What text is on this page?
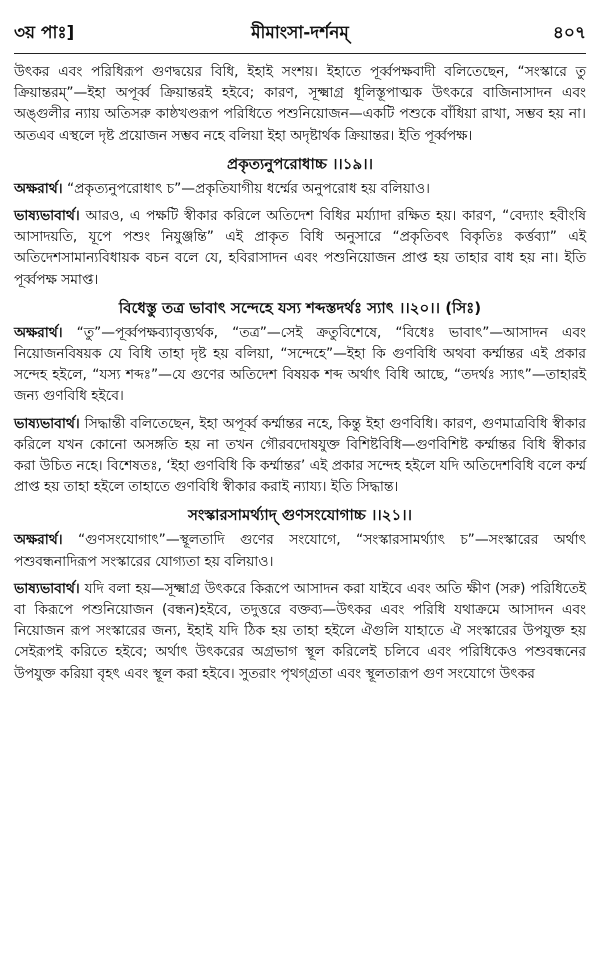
৩য় পাঃ]	মীমাংসা-দর্শনম্	৪০৭

উৎকর এবং পরিধিরূপ গুণদ্বয়ের বিধি, ইহাই সংশয়। ইহাতে পূর্ব্বপক্ষবাদী বলিতেছেন, “সংস্কারে তু ক্রিয়ান্তরম্”—ইহা অপূর্ব্ব ক্রিয়ান্তরই হইবে; কারণ, সূক্ষ্মাগ্র ধূলিস্তূপাত্মক উৎকরে বাজিনাসাদন এবং অঙ্গুলীর ন্যায় অতিসরু কাষ্ঠখণ্ডরূপ পরিধিতে পশুনিয়োজন—একটি পশুকে বাঁধিয়া রাখা, সম্ভব হয় না। অতএব এস্থলে দৃষ্ট প্রয়োজন সম্ভব নহে বলিয়া ইহা অদৃষ্টার্থক ক্রিয়ান্তর। ইতি পূর্ব্বপক্ষ।

প্রকৃত্যনুপরোধাচ্চ ।।১৯।।

অক্ষরার্থ। “প্রকৃত্যনুপরোধাৎ চ”—প্রকৃতিযাগীয় ধর্ম্মের অনুপরোধ হয় বলিয়াও।

ভাষ্যভাবার্থ। আরও, এ পক্ষটি স্বীকার করিলে অতিদেশ বিধির মর্য্যাদা রক্ষিত হয়। কারণ, “বেদ্যাং হবীংষি আসাদয়তি, যূপে পশুং নিযুঞ্জন্তি” এই প্রাকৃত বিধি অনুসারে “প্রকৃতিবৎ বিকৃতিঃ কর্ত্তব্যা” এই অতিদেশসামান্যবিধায়ক বচন বলে যে, হবিরাসাদন এবং পশুনিয়োজন প্রাপ্ত হয় তাহার বাধ হয় না। ইতি পূর্ব্বপক্ষ সমাপ্ত।

বিধেস্তু তত্র ভাবাৎ সন্দেহে যস্য শব্দস্তদর্থঃ স্যাৎ ।।২০।। (সিঃ)

অক্ষরার্থ। “তু”—পূর্ব্বপক্ষব্যাবৃত্ত্যর্থক, “তত্র”—সেই ক্রতুবিশেষে, “বিধেঃ ভাবাৎ”—আসাদন এবং নিয়োজনবিষয়ক যে বিধি তাহা দৃষ্ট হয় বলিয়া, “সন্দেহে”—ইহা কি গুণবিধি অথবা কর্ম্মান্তর এই প্রকার সন্দেহ হইলে, “যস্য শব্দঃ”—যে গুণের অতিদেশ বিষয়ক শব্দ অর্থাৎ বিধি আছে, “তদর্থঃ স্যাৎ”—তাহারই জন্য গুণবিধি হইবে।

ভাষ্যভাবার্থ। সিদ্ধান্তী বলিতেছেন, ইহা অপূর্ব্ব কর্ম্মান্তর নহে, কিন্তু ইহা গুণবিধি। কারণ, গুণমাত্রবিধি স্বীকার করিলে যখন কোনো অসঙ্গতি হয় না তখন গৌরবদোষযুক্ত বিশিষ্টবিধি—গুণবিশিষ্ট কর্ম্মান্তর বিধি স্বীকার করা উচিত নহে। বিশেষতঃ, ‘ইহা গুণবিধি কি কর্ম্মান্তর’ এই প্রকার সন্দেহ হইলে যদি অতিদেশবিধি বলে কর্ম্ম প্রাপ্ত হয় তাহা হইলে তাহাতে গুণবিধি স্বীকার করাই ন্যায্য। ইতি সিদ্ধান্ত।

সংস্কারসামর্থ্যাদ্ গুণসংযোগাচ্চ ।।২১।।

অক্ষরার্থ। “গুণসংযোগাৎ”—স্থূলতাদি গুণের সংযোগে, “সংস্কারসামর্থ্যাৎ চ”—সংস্কারের অর্থাৎ পশুবন্ধনাদিরূপ সংস্কারের যোগ্যতা হয় বলিয়াও।

ভাষ্যভাবার্থ। যদি বলা হয়—সূক্ষ্মাগ্র উৎকরে কিরূপে আসাদন করা যাইবে এবং অতি ক্ষীণ (সরু) পরিধিতেই বা কিরূপে পশুনিয়োজন (বন্ধন)হইবে, তদুত্তরে বক্তব্য—উৎকর এবং পরিধি যথাক্রমে আসাদন এবং নিয়োজন রূপ সংস্কারের জন্য, ইহাই যদি ঠিক হয় তাহা হইলে ঐগুলি যাহাতে ঐ সংস্কারের উপযুক্ত হয় সেইরূপই করিতে হইবে; অর্থাৎ উৎকরের অগ্রভাগ স্থূল করিলেই চলিবে এবং পরিধিকেও পশুবন্ধনের উপযুক্ত করিয়া বৃহৎ এবং স্থূল করা হইবে। সুতরাং পৃথগ্‌গ্রতা এবং স্থূলতারূপ গুণ সংযোগে উৎকর
